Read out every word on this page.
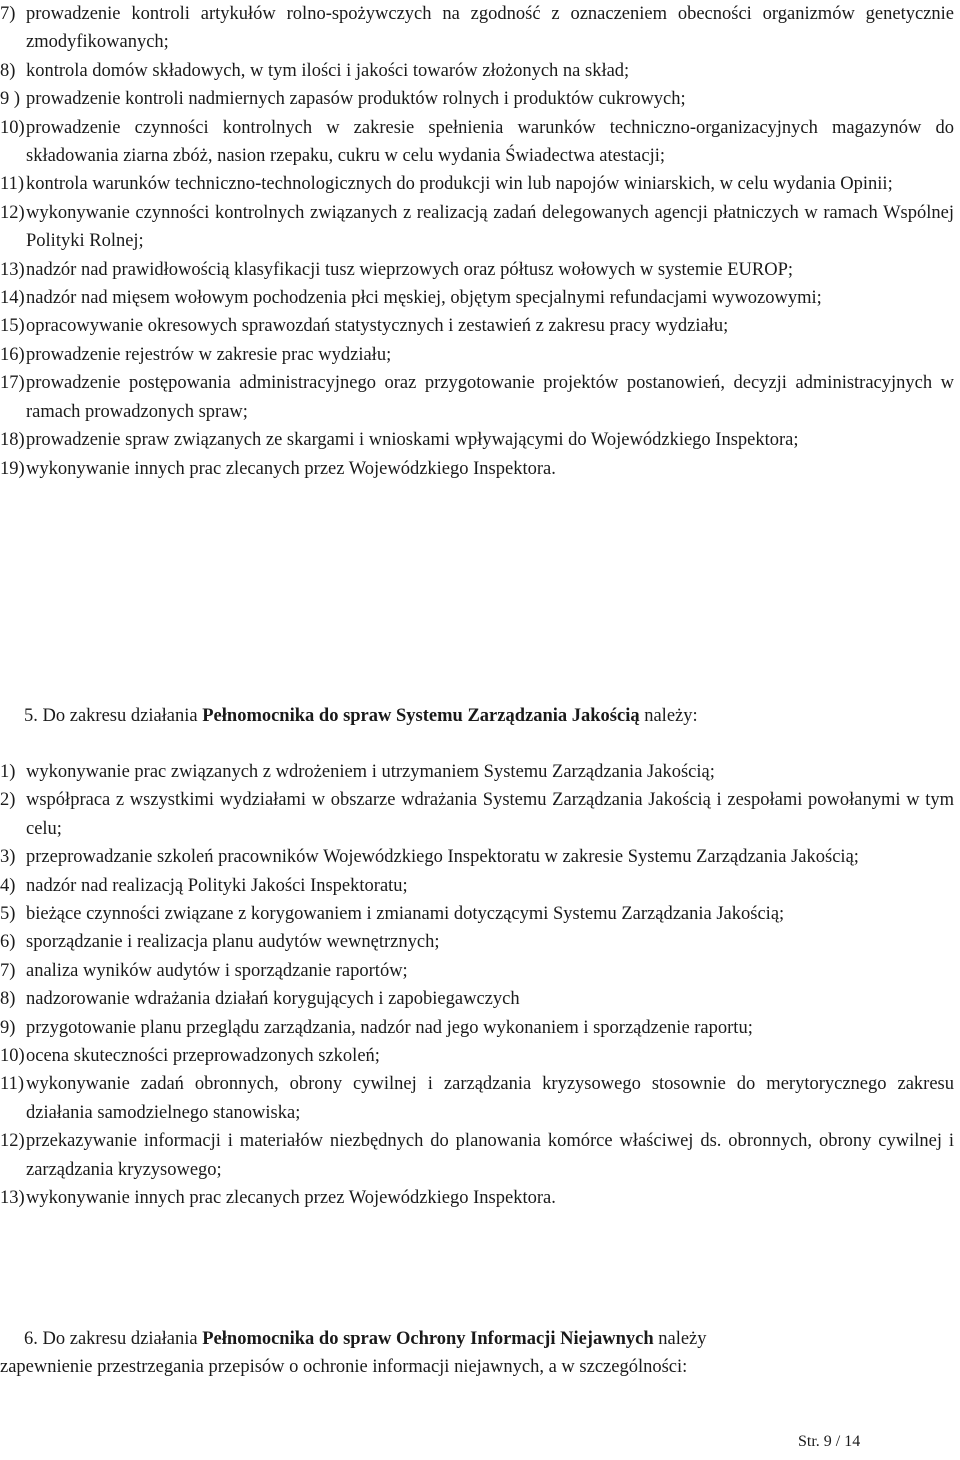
7) prowadzenie kontroli artykułów rolno-spożywczych na zgodność z oznaczeniem obecności organizmów genetycznie zmodyfikowanych;
8) kontrola domów składowych, w tym ilości i jakości towarów złożonych na skład;
9 ) prowadzenie kontroli nadmiernych zapasów produktów rolnych i produktów cukrowych;
10) prowadzenie czynności kontrolnych w zakresie spełnienia warunków techniczno-organizacyjnych magazynów do składowania ziarna zbóż, nasion rzepaku, cukru w celu wydania Świadectwa atestacji;
11) kontrola warunków techniczno-technologicznych do produkcji win lub napojów winiarskich, w celu wydania Opinii;
12) wykonywanie czynności kontrolnych związanych z realizacją zadań delegowanych agencji płatniczych w ramach Wspólnej Polityki Rolnej;
13) nadzór nad prawidłowością klasyfikacji tusz wieprzowych oraz półtusz wołowych w systemie EUROP;
14) nadzór nad mięsem wołowym pochodzenia płci męskiej, objętym specjalnymi refundacjami wywozowymi;
15) opracowywanie okresowych sprawozdań statystycznych i zestawień z zakresu pracy wydziału;
16) prowadzenie rejestrów w zakresie prac wydziału;
17) prowadzenie postępowania administracyjnego oraz przygotowanie projektów postanowień, decyzji administracyjnych w ramach prowadzonych spraw;
18) prowadzenie spraw związanych ze skargami i wnioskami wpływającymi do Wojewódzkiego Inspektora;
19) wykonywanie innych prac zlecanych przez Wojewódzkiego Inspektora.
5. Do zakresu działania Pełnomocnika do spraw Systemu Zarządzania Jakością należy:
1) wykonywanie prac związanych z wdrożeniem i utrzymaniem Systemu Zarządzania Jakością;
2) współpraca z wszystkimi wydziałami w obszarze wdrażania Systemu Zarządzania Jakością i zespołami powołanymi w tym celu;
3) przeprowadzanie szkoleń pracowników Wojewódzkiego Inspektoratu w zakresie Systemu Zarządzania Jakością;
4) nadzór nad realizacją Polityki Jakości Inspektoratu;
5) bieżące czynności związane z korygowaniem i zmianami dotyczącymi Systemu Zarządzania Jakością;
6) sporządzanie i realizacja planu audytów wewnętrznych;
7) analiza wyników audytów i sporządzanie raportów;
8) nadzorowanie wdrażania działań korygujących i zapobiegawczych
9) przygotowanie planu przeglądu zarządzania, nadzór nad jego wykonaniem i sporządzenie raportu;
10) ocena skuteczności przeprowadzonych szkoleń;
11) wykonywanie zadań obronnych, obrony cywilnej i zarządzania kryzysowego stosownie do merytorycznego zakresu działania samodzielnego stanowiska;
12) przekazywanie informacji i materiałów niezbędnych do planowania komórce właściwej ds. obronnych, obrony cywilnej i zarządzania kryzysowego;
13) wykonywanie innych prac zlecanych przez Wojewódzkiego Inspektora.
6. Do zakresu działania Pełnomocnika do spraw Ochrony Informacji Niejawnych należy
zapewnienie przestrzegania przepisów o ochronie informacji niejawnych, a w szczególności:
Str. 9 / 14
